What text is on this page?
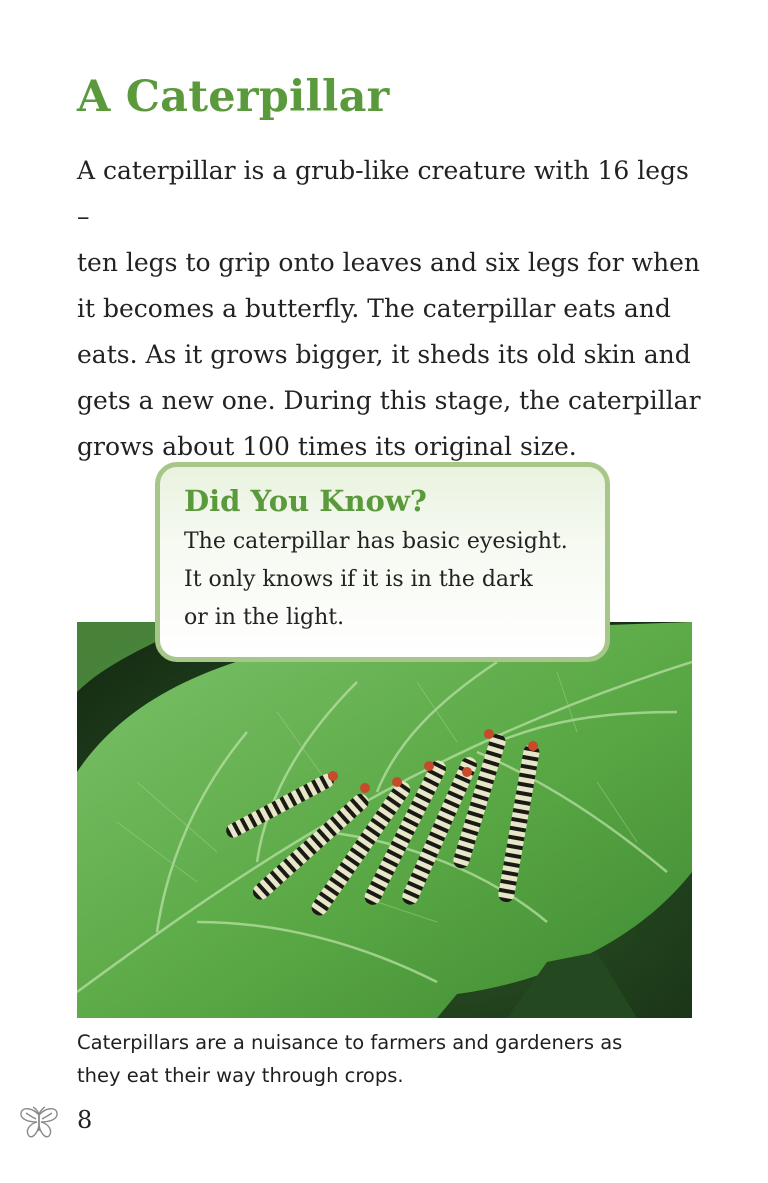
A Caterpillar

A caterpillar is a grub-like creature with 16 legs –
ten legs to grip onto leaves and six legs for when
it becomes a butterfly. The caterpillar eats and
eats. As it grows bigger, it sheds its old skin and
gets a new one. During this stage, the caterpillar
grows about 100 times its original size.

Did You Know?

The caterpillar has basic eyesight.
It only knows if it is in the dark
or in the light.

Caterpillars are a nuisance to farmers and gardeners as
they eat their way through crops.

8
